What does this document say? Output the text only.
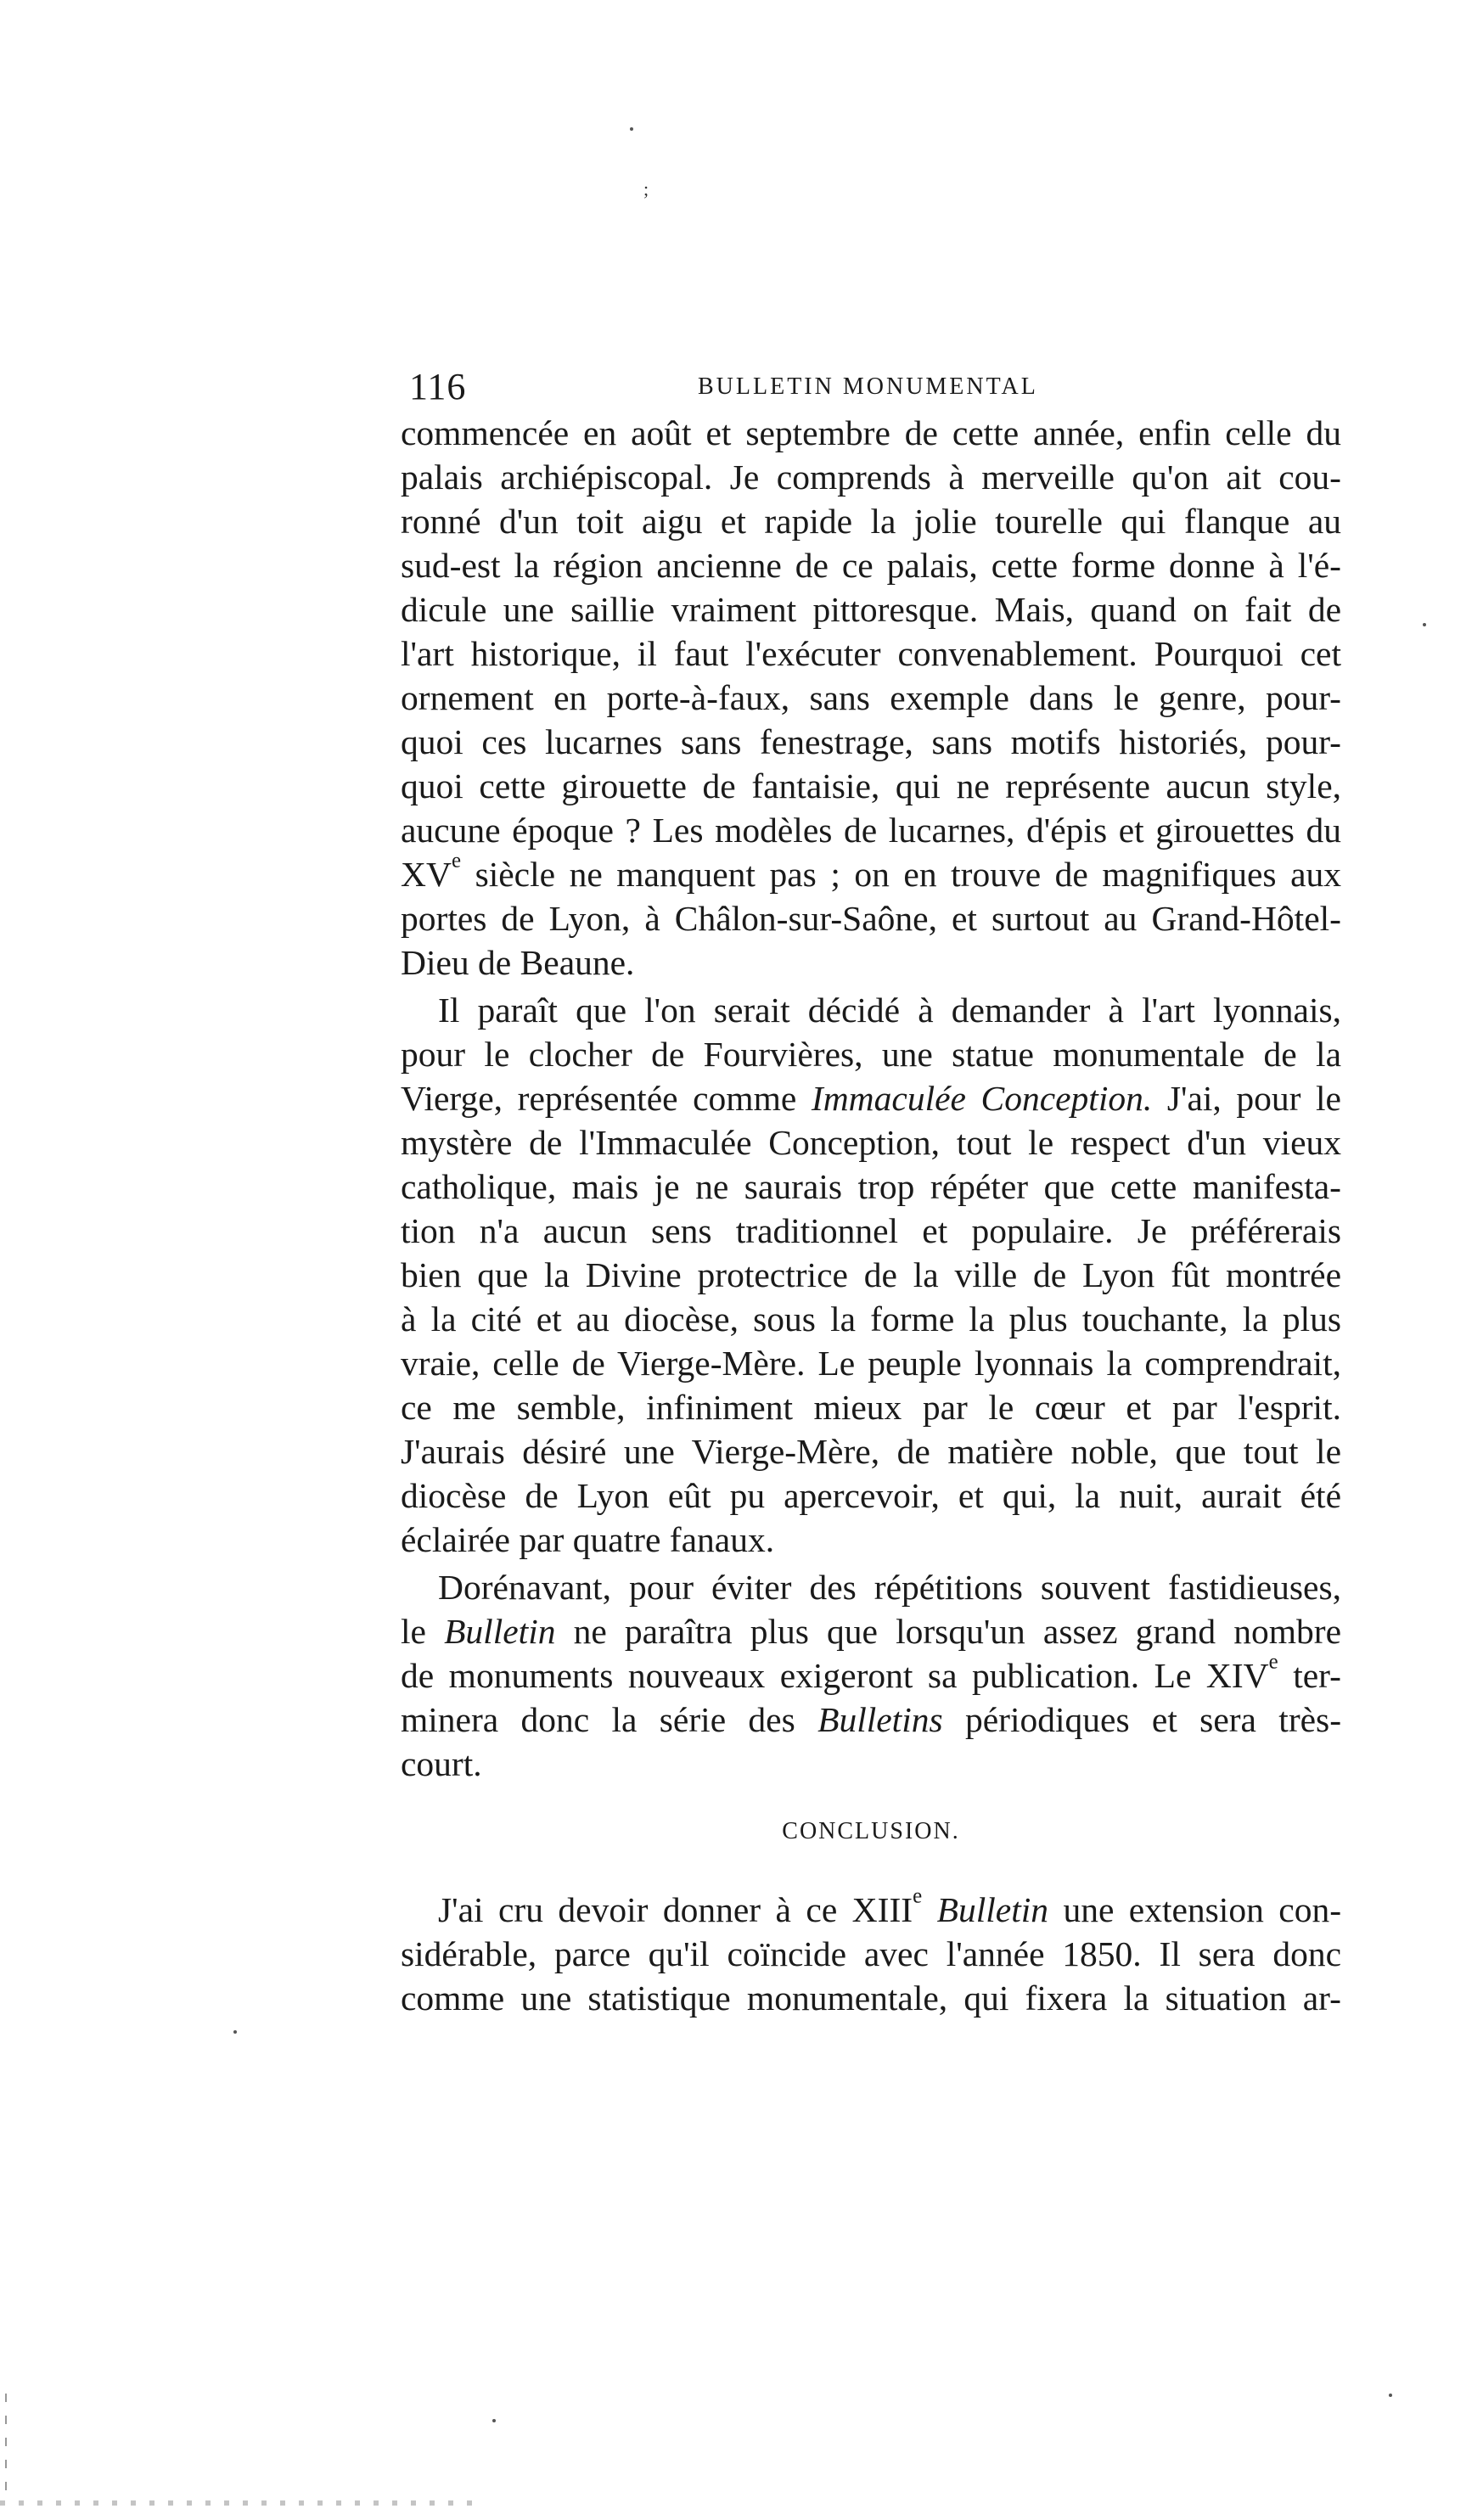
;
116	BULLETIN MONUMENTAL
commencée en août et septembre de cette année, enfin celle du
palais archiépiscopal. Je comprends à merveille qu'on ait cou-
ronné d'un toit aigu et rapide la jolie tourelle qui flanque au
sud-est la région ancienne de ce palais, cette forme donne à l'é-
dicule une saillie vraiment pittoresque. Mais, quand on fait de
l'art historique, il faut l'exécuter convenablement. Pourquoi cet
ornement en porte-à-faux, sans exemple dans le genre, pour-
quoi ces lucarnes sans fenestrage, sans motifs historiés, pour-
quoi cette girouette de fantaisie, qui ne représente aucun style,
aucune époque ? Les modèles de lucarnes, d'épis et girouettes du
XVe siècle ne manquent pas ; on en trouve de magnifiques aux
portes de Lyon, à Châlon-sur-Saône, et surtout au Grand-Hôtel-
Dieu de Beaune.
Il paraît que l'on serait décidé à demander à l'art lyonnais,
pour le clocher de Fourvières, une statue monumentale de la
Vierge, représentée comme Immaculée Conception. J'ai, pour le
mystère de l'Immaculée Conception, tout le respect d'un vieux
catholique, mais je ne saurais trop répéter que cette manifesta-
tion n'a aucun sens traditionnel et populaire. Je préférerais
bien que la Divine protectrice de la ville de Lyon fût montrée
à la cité et au diocèse, sous la forme la plus touchante, la plus
vraie, celle de Vierge-Mère. Le peuple lyonnais la comprendrait,
ce me semble, infiniment mieux par le cœur et par l'esprit.
J'aurais désiré une Vierge-Mère, de matière noble, que tout le
diocèse de Lyon eût pu apercevoir, et qui, la nuit, aurait été
éclairée par quatre fanaux.
Dorénavant, pour éviter des répétitions souvent fastidieuses,
le Bulletin ne paraîtra plus que lorsqu'un assez grand nombre
de monuments nouveaux exigeront sa publication. Le XIVe ter-
minera donc la série des Bulletins périodiques et sera très-
court.
CONCLUSION.
J'ai cru devoir donner à ce XIIIe Bulletin une extension con-
sidérable, parce qu'il coïncide avec l'année 1850. Il sera donc
comme une statistique monumentale, qui fixera la situation ar-
